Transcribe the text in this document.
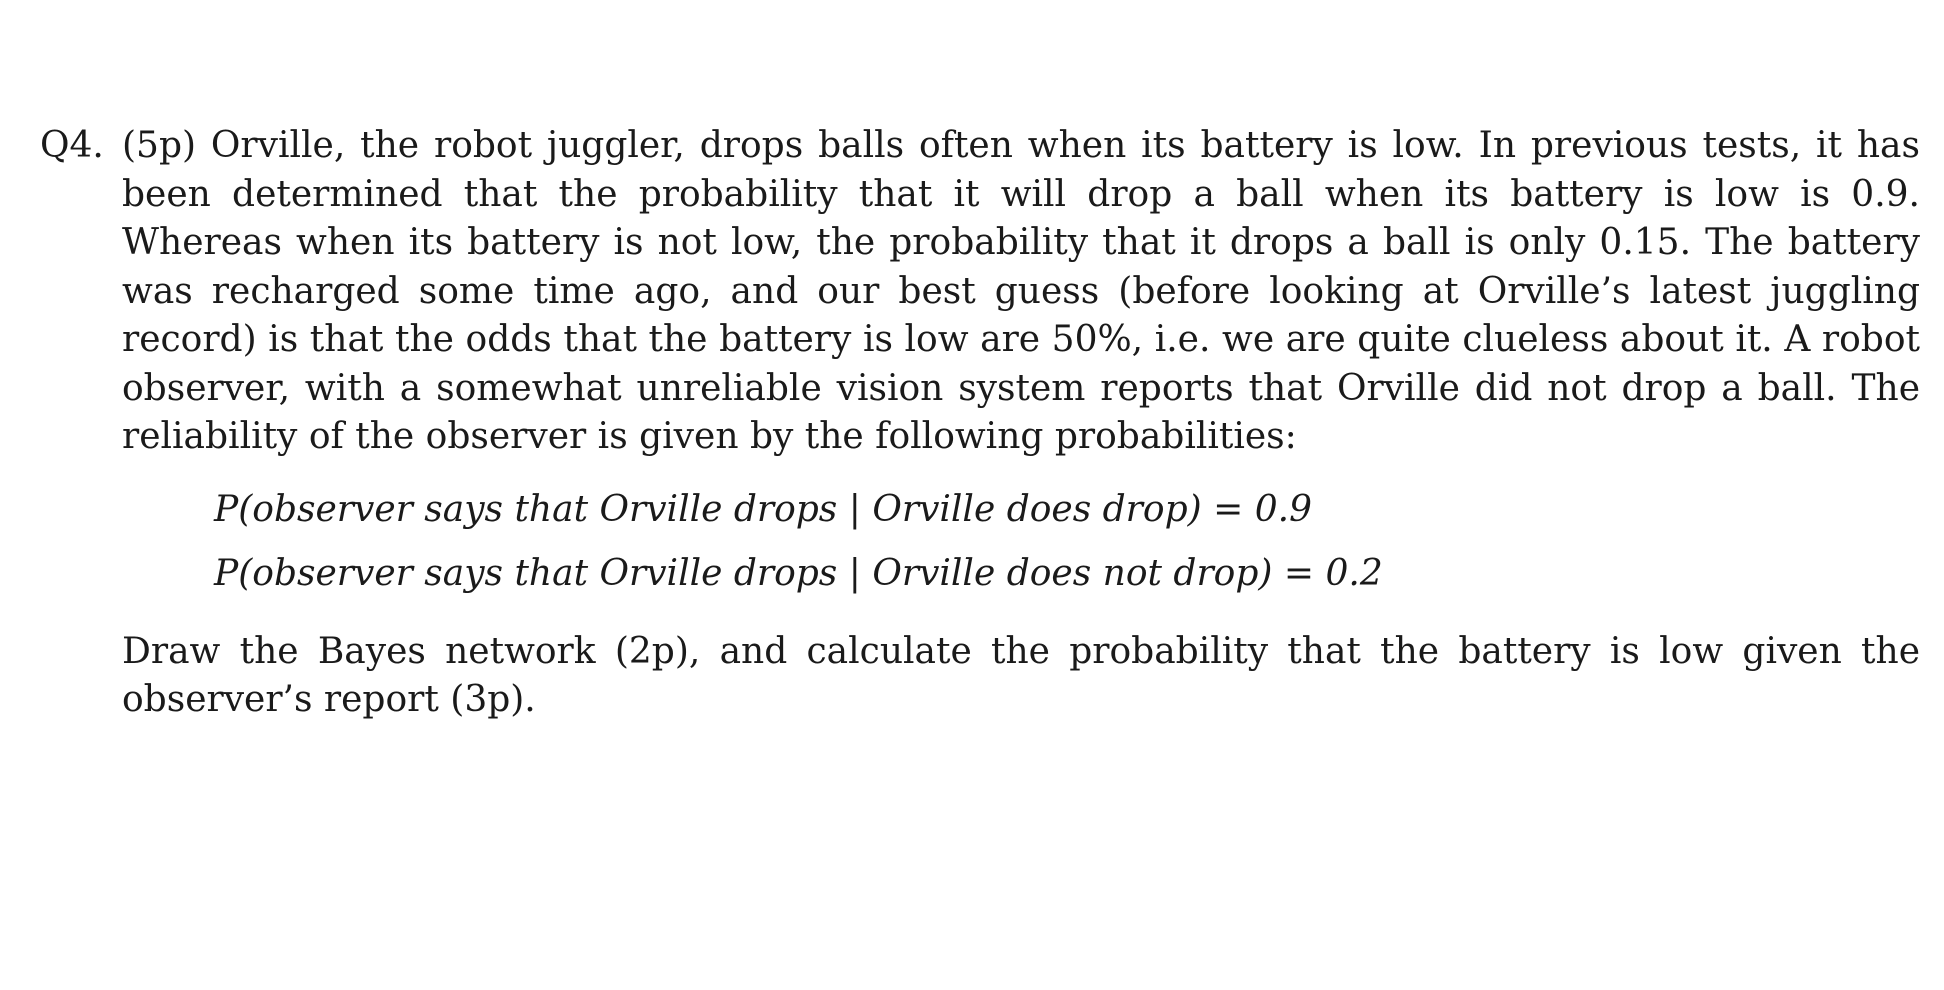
Q4. (5p) Orville, the robot juggler, drops balls often when its battery is low. In previous tests, it has been determined that the probability that it will drop a ball when its battery is low is 0.9. Whereas when its battery is not low, the probability that it drops a ball is only 0.15. The battery was recharged some time ago, and our best guess (before looking at Orville’s latest juggling record) is that the odds that the battery is low are 50%, i.e. we are quite clueless about it. A robot observer, with a somewhat unreliable vision system reports that Orville did not drop a ball. The reliability of the observer is given by the following probabilities:

P(observer says that Orville drops | Orville does drop) = 0.9
P(observer says that Orville drops | Orville does not drop) = 0.2

Draw the Bayes network (2p), and calculate the probability that the battery is low given the observer’s report (3p).
